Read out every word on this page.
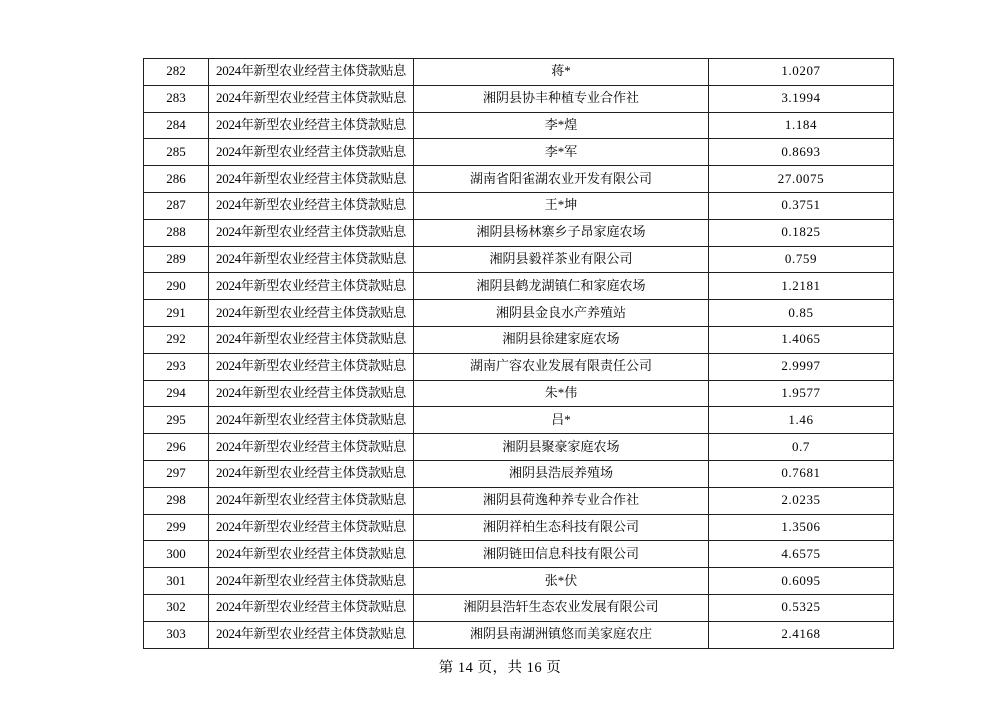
282	2024年新型农业经营主体贷款贴息	蒋*	1.0207
283	2024年新型农业经营主体贷款贴息	湘阴县协丰种植专业合作社	3.1994
284	2024年新型农业经营主体贷款贴息	李*煌	1.184
285	2024年新型农业经营主体贷款贴息	李*军	0.8693
286	2024年新型农业经营主体贷款贴息	湖南省阳雀湖农业开发有限公司	27.0075
287	2024年新型农业经营主体贷款贴息	王*坤	0.3751
288	2024年新型农业经营主体贷款贴息	湘阴县杨林寨乡子昂家庭农场	0.1825
289	2024年新型农业经营主体贷款贴息	湘阴县毅祥茶业有限公司	0.759
290	2024年新型农业经营主体贷款贴息	湘阴县鹤龙湖镇仁和家庭农场	1.2181
291	2024年新型农业经营主体贷款贴息	湘阴县金良水产养殖站	0.85
292	2024年新型农业经营主体贷款贴息	湘阴县徐建家庭农场	1.4065
293	2024年新型农业经营主体贷款贴息	湖南广容农业发展有限责任公司	2.9997
294	2024年新型农业经营主体贷款贴息	朱*伟	1.9577
295	2024年新型农业经营主体贷款贴息	吕*	1.46
296	2024年新型农业经营主体贷款贴息	湘阴县聚豪家庭农场	0.7
297	2024年新型农业经营主体贷款贴息	湘阴县浩辰养殖场	0.7681
298	2024年新型农业经营主体贷款贴息	湘阴县荷逸种养专业合作社	2.0235
299	2024年新型农业经营主体贷款贴息	湘阴祥柏生态科技有限公司	1.3506
300	2024年新型农业经营主体贷款贴息	湘阴链田信息科技有限公司	4.6575
301	2024年新型农业经营主体贷款贴息	张*伏	0.6095
302	2024年新型农业经营主体贷款贴息	湘阴县浩轩生态农业发展有限公司	0.5325
303	2024年新型农业经营主体贷款贴息	湘阴县南湖洲镇悠而美家庭农庄	2.4168
第 14 页，共 16 页
